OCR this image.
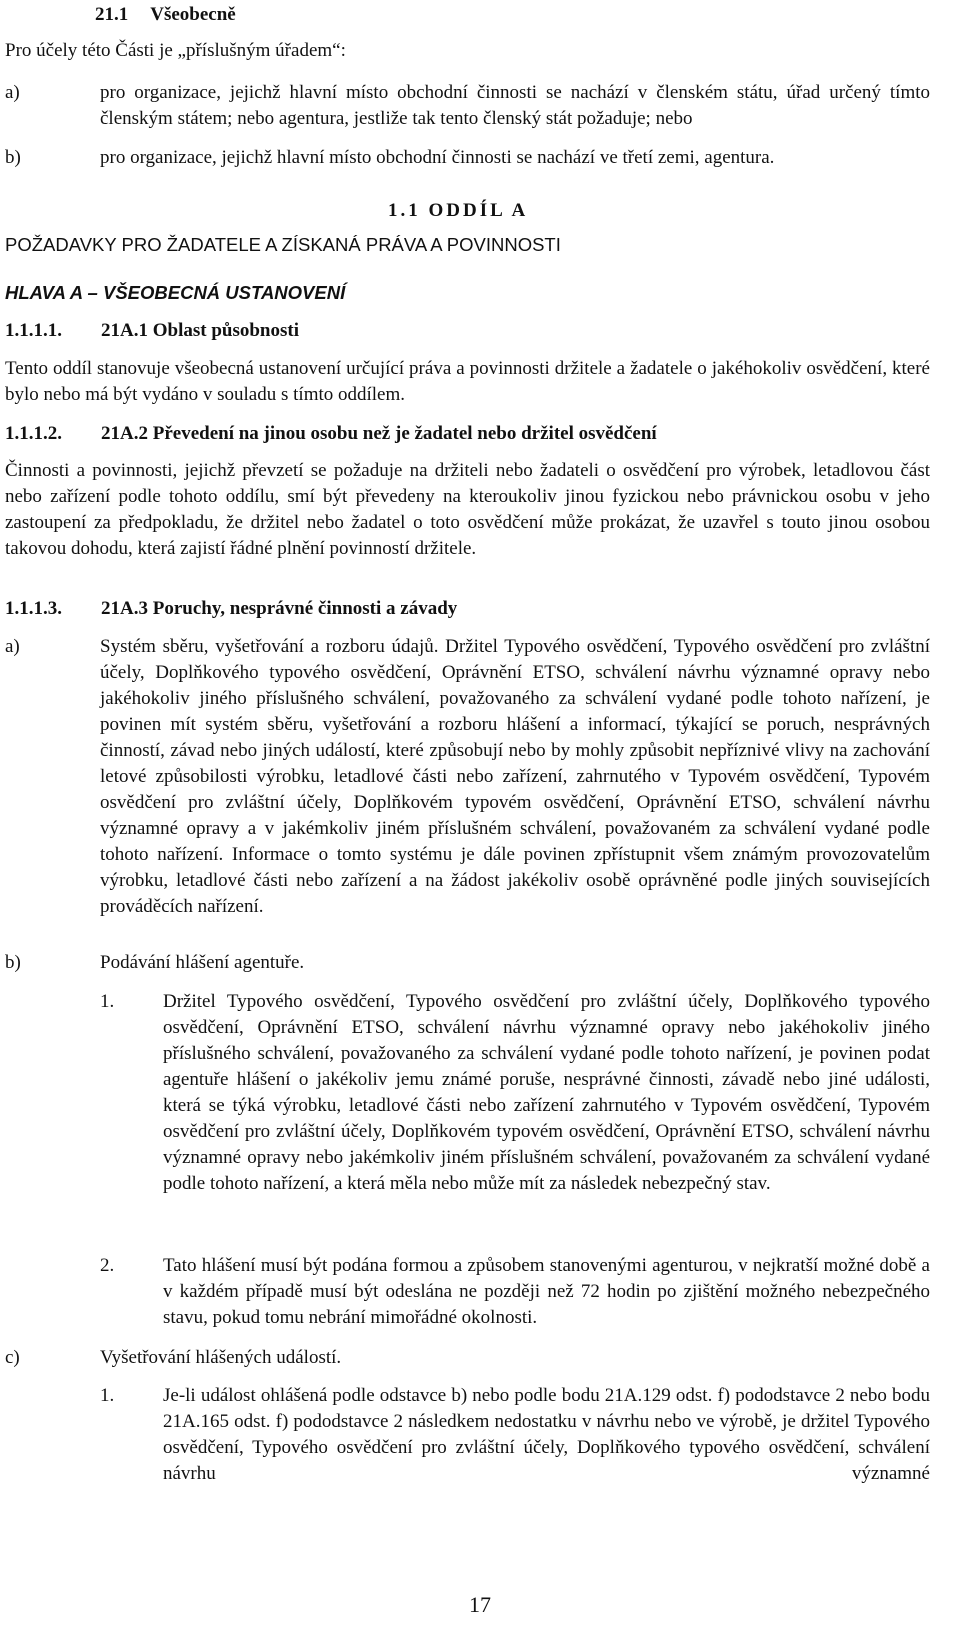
21.1 Všeobecně
Pro účely této Části je „příslušným úřadem“:
a)	pro organizace, jejichž hlavní místo obchodní činnosti se nachází v členském státu, úřad určený tímto členským státem; nebo agentura, jestliže tak tento členský stát požaduje; nebo
b)	pro organizace, jejichž hlavní místo obchodní činnosti se nachází ve třetí zemi, agentura.
1.1 ODDÍL A
POŽADAVKY PRO ŽADATELE A ZÍSKANÁ PRÁVA A POVINNOSTI
HLAVA A – VŠEOBECNÁ USTANOVENÍ
1.1.1.1. 21A.1 Oblast působnosti
Tento oddíl stanovuje všeobecná ustanovení určující práva a povinnosti držitele a žadatele o jakéhokoliv osvědčení, které bylo nebo má být vydáno v souladu s tímto oddílem.
1.1.1.2. 21A.2 Převedení na jinou osobu než je žadatel nebo držitel osvědčení
Činnosti a povinnosti, jejichž převzetí se požaduje na držiteli nebo žadateli o osvědčení pro výrobek, letadlovou část nebo zařízení podle tohoto oddílu, smí být převedeny na kteroukoliv jinou fyzickou nebo právnickou osobu v jeho zastoupení za předpokladu, že držitel nebo žadatel o toto osvědčení může prokázat, že uzavřel s touto jinou osobou takovou dohodu, která zajistí řádné plnění povinností držitele.
1.1.1.3. 21A.3 Poruchy, nesprávné činnosti a závady
a)	Systém sběru, vyšetřování a rozboru údajů. Držitel Typového osvědčení, Typového osvědčení pro zvláštní účely, Doplňkového typového osvědčení, Oprávnění ETSO, schválení návrhu významné opravy nebo jakéhokoliv jiného příslušného schválení, považovaného za schválení vydané podle tohoto nařízení, je povinen mít systém sběru, vyšetřování a rozboru hlášení a informací, týkající se poruch, nesprávných činností, závad nebo jiných událostí, které způsobují nebo by mohly způsobit nepříznivé vlivy na zachování letové způsobilosti výrobku, letadlové části nebo zařízení, zahrnutého v Typovém osvědčení, Typovém osvědčení pro zvláštní účely, Doplňkovém typovém osvědčení, Oprávnění ETSO, schválení návrhu významné opravy a v jakémkoliv jiném příslušném schválení, považovaném za schválení vydané podle tohoto nařízení. Informace o tomto systému je dále povinen zpřístupnit všem známým provozovatelům výrobku, letadlové části nebo zařízení a na žádost jakékoliv osobě oprávněné podle jiných souvisejících prováděcích nařízení.
b)	Podávání hlášení agentuře.
1.	Držitel Typového osvědčení, Typového osvědčení pro zvláštní účely, Doplňkového typového osvědčení, Oprávnění ETSO, schválení návrhu významné opravy nebo jakéhokoliv jiného příslušného schválení, považovaného za schválení vydané podle tohoto nařízení, je povinen podat agentuře hlášení o jakékoliv jemu známé poruše, nesprávné činnosti, závadě nebo jiné události, která se týká výrobku, letadlové části nebo zařízení zahrnutého v Typovém osvědčení, Typovém osvědčení pro zvláštní účely, Doplňkovém typovém osvědčení, Oprávnění ETSO, schválení návrhu významné opravy nebo jakémkoliv jiném příslušném schválení, považovaném za schválení vydané podle tohoto nařízení, a která měla nebo může mít za následek nebezpečný stav.
2.	Tato hlášení musí být podána formou a způsobem stanovenými agenturou, v nejkratší možné době a v každém případě musí být odeslána ne později než 72 hodin po zjištění možného nebezpečného stavu, pokud tomu nebrání mimořádné okolnosti.
c)	Vyšetřování hlášených událostí.
1.	Je-li událost ohlášená podle odstavce b) nebo podle bodu 21A.129 odst. f) pododstavce 2 nebo bodu 21A.165 odst. f) pododstavce 2 následkem nedostatku v návrhu nebo ve výrobě, je držitel Typového osvědčení, Typového osvědčení pro zvláštní účely, Doplňkového typového osvědčení, schválení návrhu významné
17
